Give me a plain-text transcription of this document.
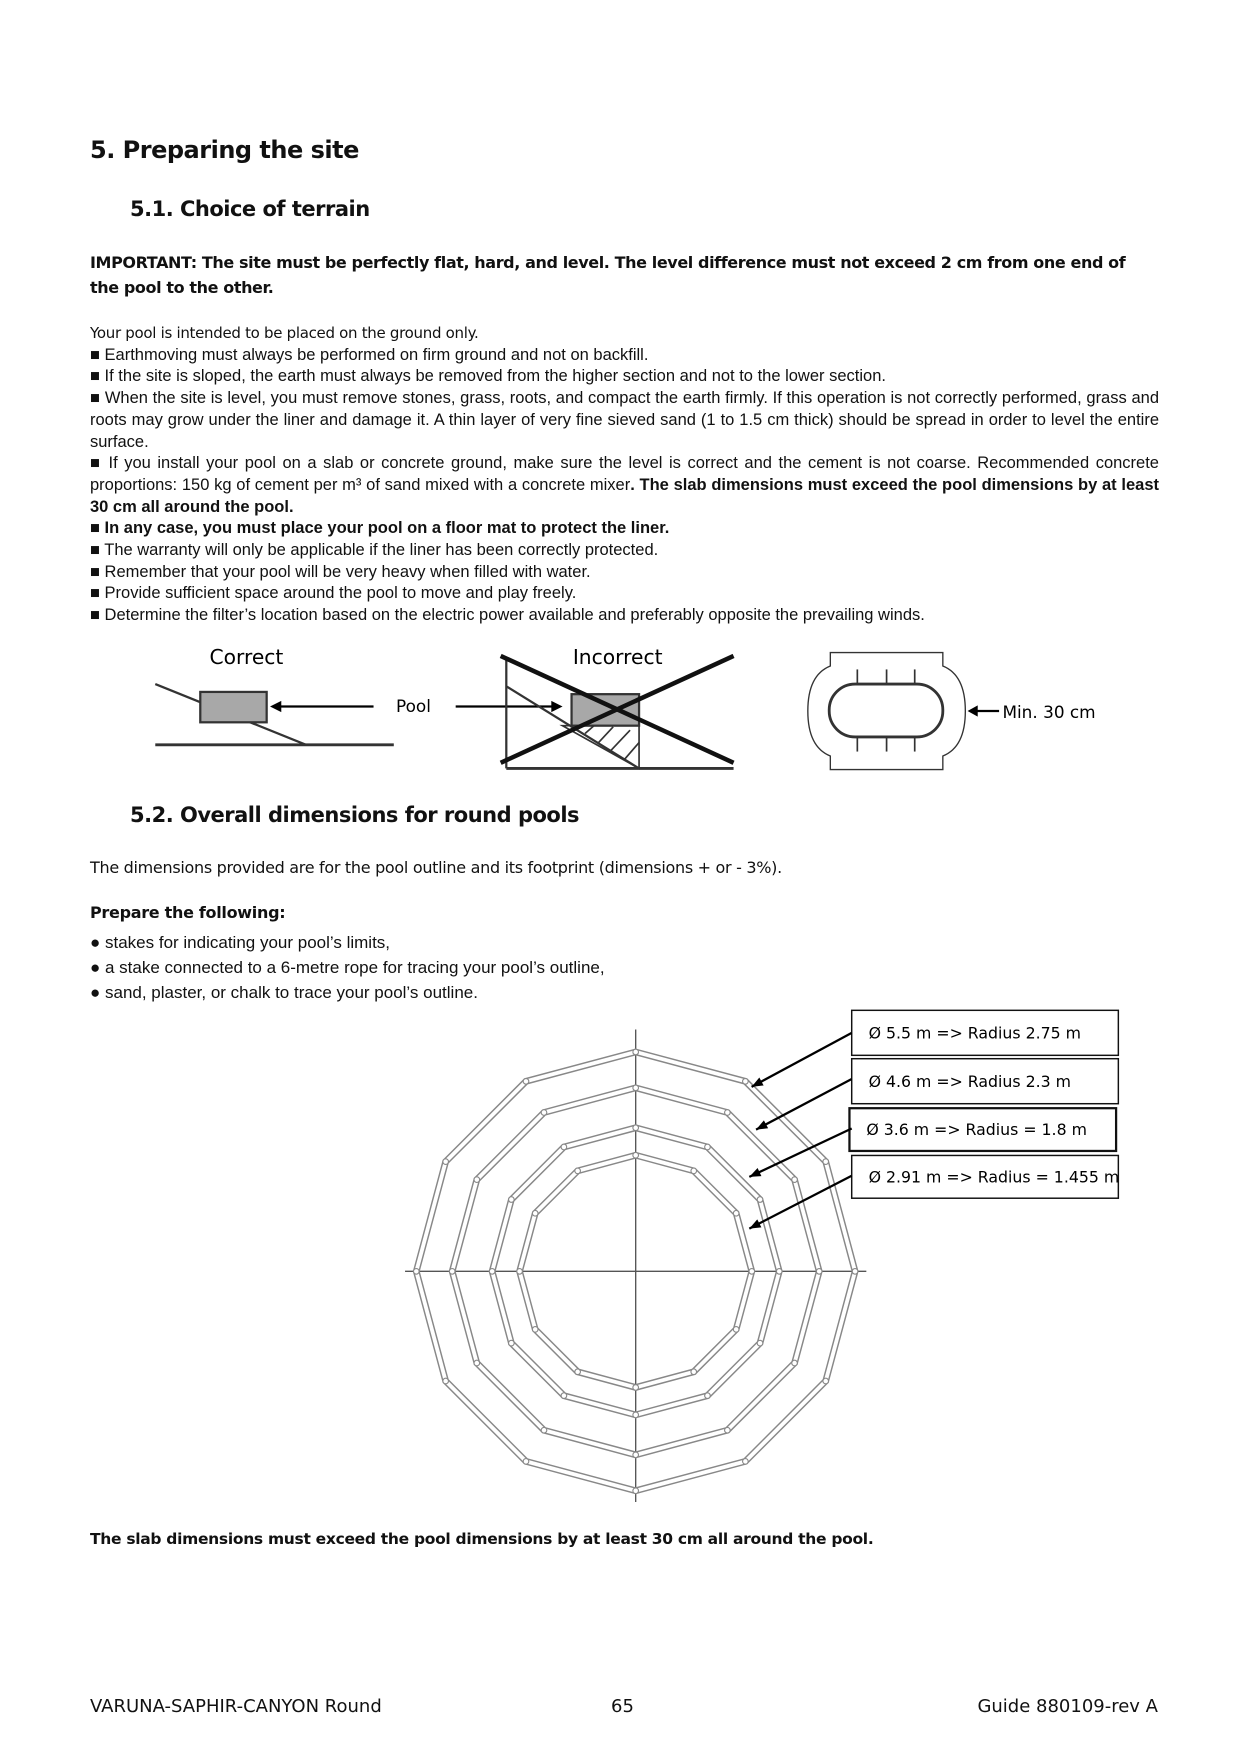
5. Preparing the site
5.1. Choice of terrain
IMPORTANT: The site must be perfectly flat, hard, and level. The level difference must not exceed 2 cm from one end of the pool to the other.

Your pool is intended to be placed on the ground only.

■ Earthmoving must always be performed on firm ground and not on backfill.

■ If the site is sloped, the earth must always be removed from the higher section and not to the lower section.

■ When the site is level, you must remove stones, grass, roots, and compact the earth firmly. If this operation is not correctly performed, grass and roots may grow under the liner and damage it. A thin layer of very fine sieved sand (1 to 1.5 cm thick) should be spread in order to level the entire surface.

■ If you install your pool on a slab or concrete ground, make sure the level is correct and the cement is not coarse. Recommended concrete proportions: 150 kg of cement per m³ of sand mixed with a concrete mixer. The slab dimensions must exceed the pool dimensions by at least 30 cm all around the pool.

■ In any case, you must place your pool on a floor mat to protect the liner.

■ The warranty will only be applicable if the liner has been correctly protected.

■ Remember that your pool will be very heavy when filled with water.

■ Provide sufficient space around the pool to move and play freely.

■ Determine the filter’s location based on the electric power available and preferably opposite the prevailing winds.

5.2. Overall dimensions for round pools
The dimensions provided are for the pool outline and its footprint (dimensions + or - 3%).
Prepare the following:
● stakes for indicating your pool’s limits,
● a stake connected to a 6-metre rope for tracing your pool’s outline,
● sand, plaster, or chalk to trace your pool’s outline.
Correct
Pool
Incorrect
Min. 30 cm
Ø 5.5 m => Radius 2.75 m
Ø 4.6 m => Radius 2.3 m
Ø 3.6 m => Radius = 1.8 m
Ø 2.91 m => Radius = 1.455 m
The slab dimensions must exceed the pool dimensions by at least 30 cm all around the pool.
VARUNA-SAPHIR-CANYON Round	65	Guide 880109-rev A
